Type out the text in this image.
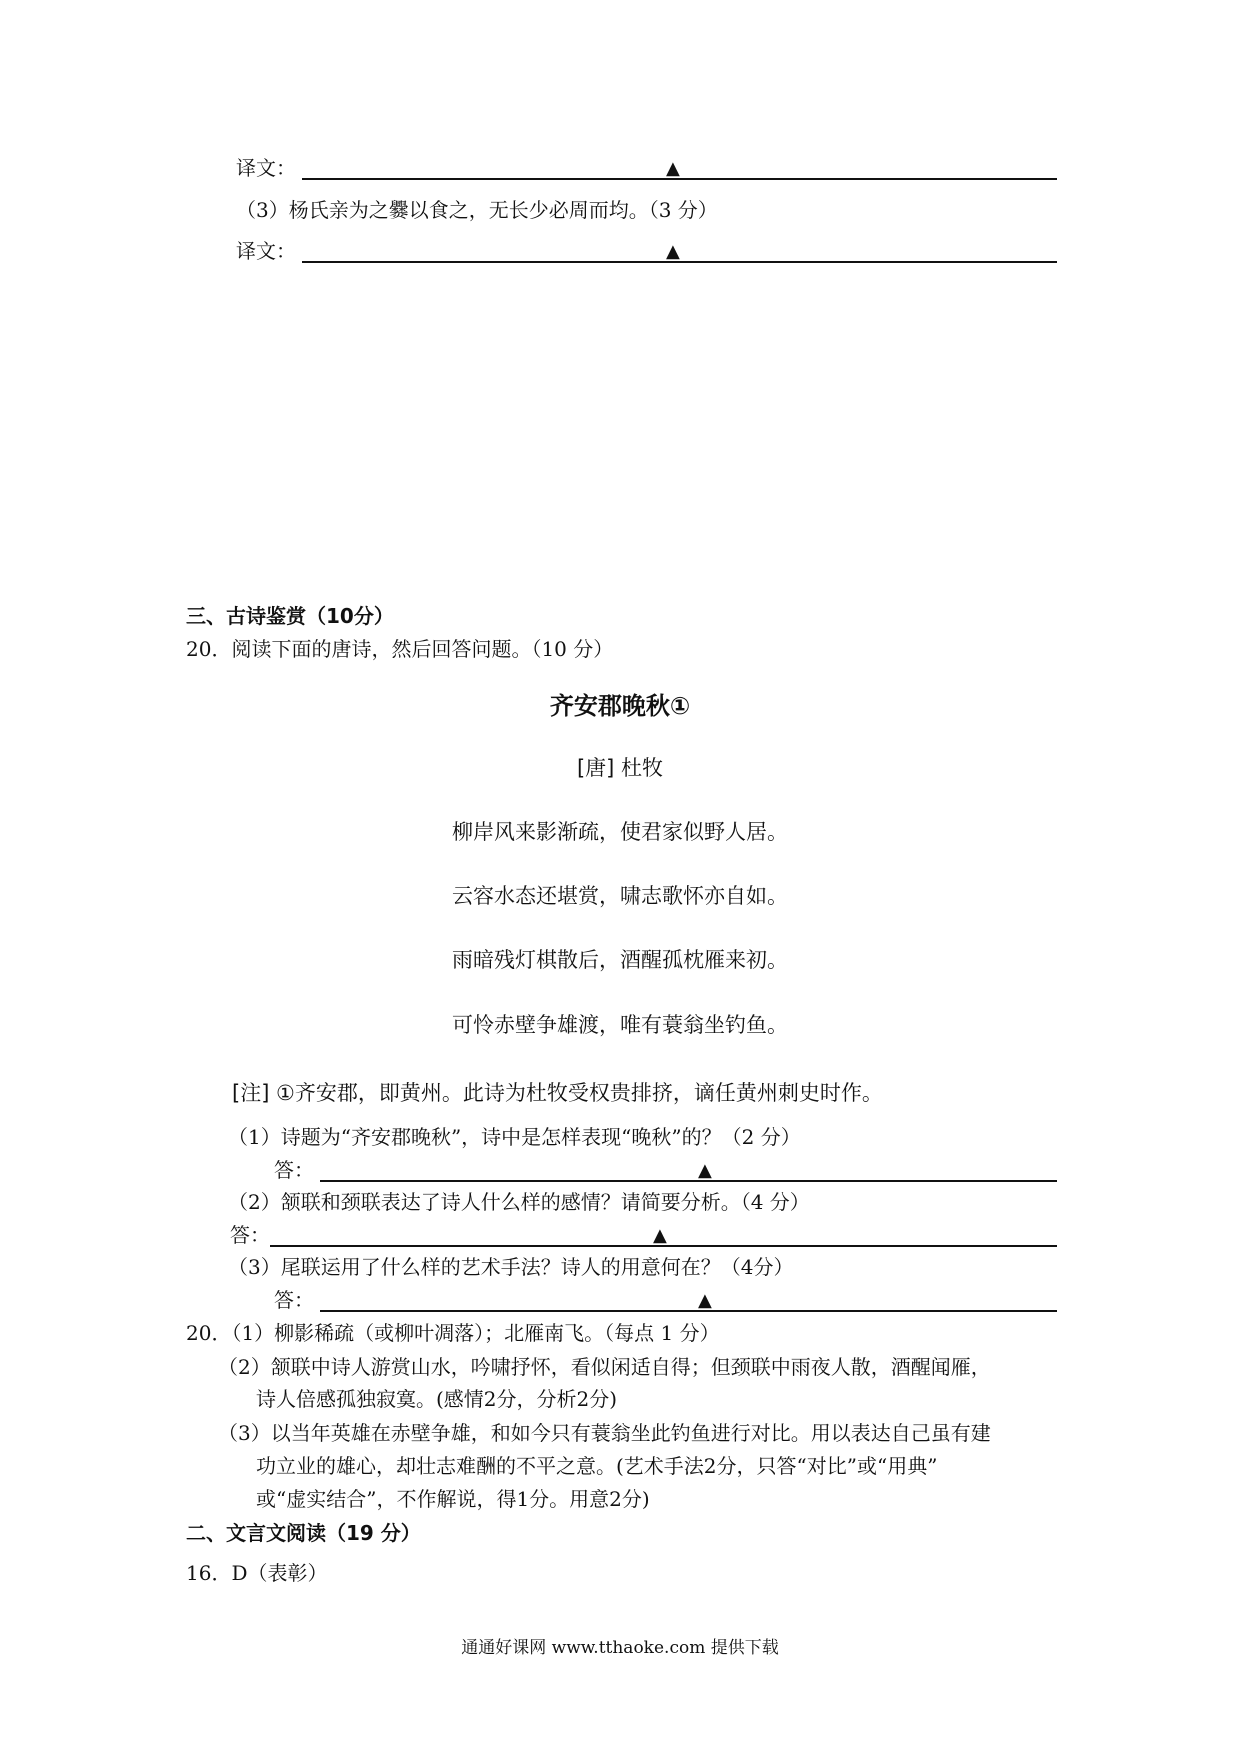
译文：	▲
（3）杨氏亲为之爨以食之，无长少必周而均。（3 分）
译文：	▲
三、古诗鉴赏（10分）
20．阅读下面的唐诗，然后回答问题。（10 分）
齐安郡晚秋①
[唐] 杜牧
柳岸风来影渐疏，使君家似野人居。
云容水态还堪赏，啸志歌怀亦自如。
雨暗残灯棋散后，酒醒孤枕雁来初。
可怜赤壁争雄渡，唯有蓑翁坐钓鱼。
[注] ①齐安郡，即黄州。此诗为杜牧受权贵排挤，谪任黄州刺史时作。
（1）诗题为“齐安郡晚秋”，诗中是怎样表现“晚秋”的？（2 分）
答：	▲
（2）颔联和颈联表达了诗人什么样的感情？请简要分析。（4 分）
答：	▲
（3）尾联运用了什么样的艺术手法？诗人的用意何在？（4分）
答：	▲
20．（1）柳影稀疏（或柳叶凋落）；北雁南飞。（每点 1 分）
（2）颔联中诗人游赏山水，吟啸抒怀，看似闲适自得；但颈联中雨夜人散，酒醒闻雁，
诗人倍感孤独寂寞。(感情2分，分析2分)
（3）以当年英雄在赤壁争雄，和如今只有蓑翁坐此钓鱼进行对比。用以表达自己虽有建
功立业的雄心，却壮志难酬的不平之意。(艺术手法2分，只答“对比”或“用典”
或“虚实结合”，不作解说，得1分。用意2分)
二、文言文阅读（19 分）
16．D（表彰）
通通好课网 www.tthaoke.com 提供下载
